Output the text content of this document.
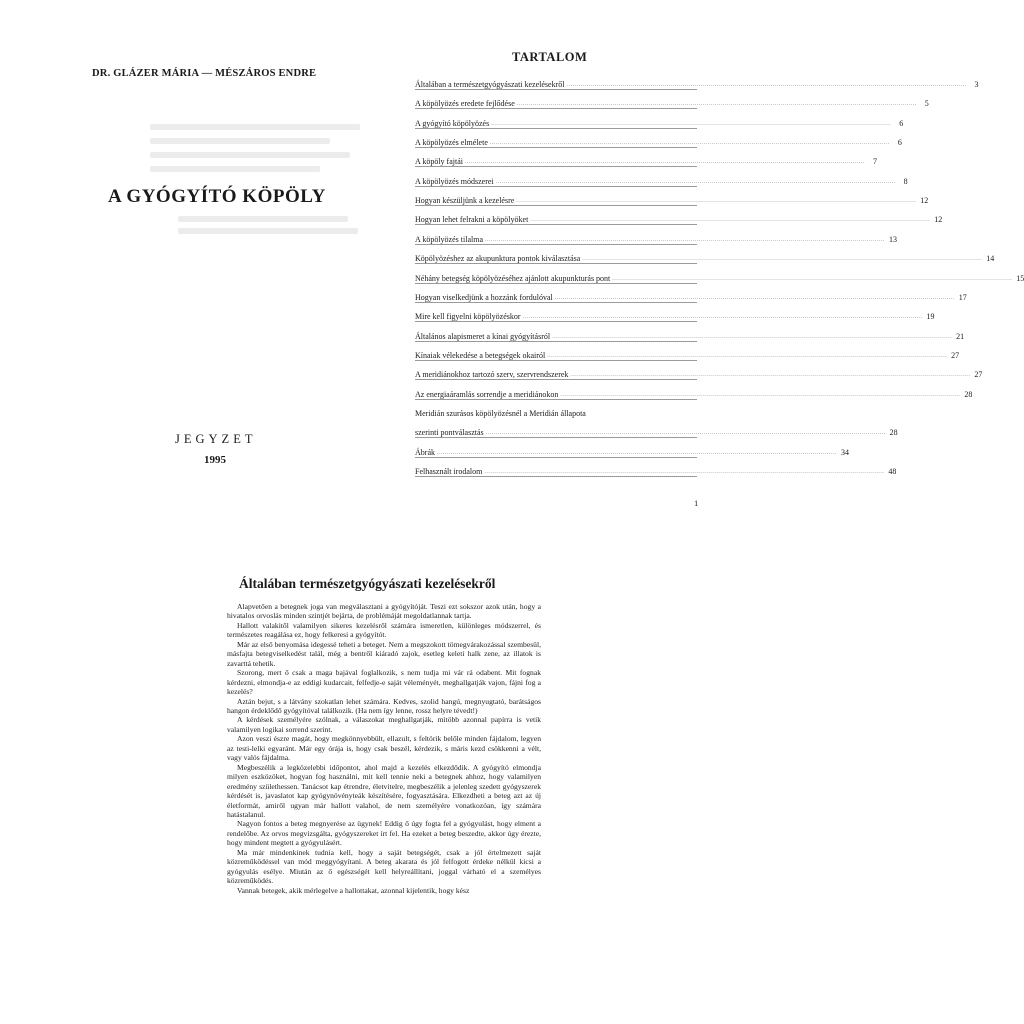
DR. GLÁZER MÁRIA — MÉSZÁROS ENDRE
A GYÓGYÍTÓ KÖPÖLY
JEGYZET
1995
TARTALOM
Általában a természetgyógyászati kezelésekről ........................................................................................................................................................................................................	3
A köpölyözés eredete fejlődése ........................................................................................................................................................................................................	5
A gyógyító köpölyözés ........................................................................................................................................................................................................	6
A köpölyözés elmélete ........................................................................................................................................................................................................	6
A köpöly fajtái ........................................................................................................................................................................................................	7
A köpölyözés módszerei ........................................................................................................................................................................................................	8
Hogyan készüljünk a kezelésre ........................................................................................................................................................................................................ 12
Hogyan lehet felrakni a köpölyöket ........................................................................................................................................................................................................ 12
A köpölyözés tilalma ........................................................................................................................................................................................................ 13
Köpölyözéshez az akupunktura pontok kiválasztása ........................................................................................................................................................................................................ 14
Néhány betegség köpölyözéséhez ajánlott akupunkturás pont ........................................................................................................................................................................................................ 15
Hogyan viselkedjünk a hozzánk fordulóval ........................................................................................................................................................................................................ 17
Mire kell figyelni köpölyözéskor ........................................................................................................................................................................................................ 19
Általános alapismeret a kínai gyógyításról ........................................................................................................................................................................................................ 21
Kínaiak vélekedése a betegségek okairól ........................................................................................................................................................................................................ 27
A meridiánokhoz tartozó szerv, szervrendszerek ........................................................................................................................................................................................................ 27
Az energiaáramlás sorrendje a meridiánokon ........................................................................................................................................................................................................ 28
Meridián szurásos köpölyözésnél a Meridián állapota
szerinti pontválasztás ........................................................................................................................................................................................................ 28
Ábrák ........................................................................................................................................................................................................ 34
Felhasznált irodalom ........................................................................................................................................................................................................ 48
1
Általában természetgyógyászati kezelésekről

Alapvetően a betegnek joga van megválasztani a gyógyítóját. Teszi ezt sokszor azok után, hogy a hivatalos orvoslás minden szintjét bejárta, de problémáját megoldatlannak tartja.

Hallott valakitől valamilyen sikeres kezelésről számára ismeretlen, különleges módszerrel, és természetes reagálása ez, hogy felkeresi a gyógyítót.

Már az első benyomása idegessé teheti a beteget. Nem a megszokott tömegvárakozással szembesül, másfajta betegviselkedést talál, még a bentről kiáradó zajok, esetleg keleti halk zene, az illatok is zavarttá tehetik.

Szorong, mert ő csak a maga bajával foglalkozik, s nem tudja mi vár rá odabent. Mit fognak kérdezni, elmondja-e az eddigi kudarcait, felfedje-e saját véleményét, meghallgatják vajon, fájni fog a kezelés?

Aztán bejut, s a látvány szokatlan lehet számára. Kedves, szolid hangú, megnyugtató, barátságos hangon érdeklődő gyógyítóval találkozik. (Ha nem így lenne, rossz helyre tévedt!)

A kérdések személyére szólnak, a válaszokat meghallgatják, mitöbb azonnal papírra is vetik valamilyen logikai sorrend szerint.

Azon veszi észre magát, hogy megkönnyebbült, ellazult, s feltörik belőle minden fájdalom, legyen az testi-lelki egyaránt. Már egy órája is, hogy csak beszél, kérdezik, s máris kezd csökkenni a vélt, vagy valós fájdalma.

Megbeszélik a legközelebbi időpontot, ahol majd a kezelés elkezdődik. A gyógyító elmondja milyen eszközöket, hogyan fog használni, mit kell tennie neki a betegnek ahhoz, hogy valamilyen eredmény születhessen. Tanácsot kap étrendre, életvitelre, megbeszélik a jelenleg szedett gyógyszerek kérdését is, javaslatot kap gyógynövényteák készítésére, fogyasztására. Elkezdheti a beteg azt az új életformát, amiről ugyan már hallott valahol, de nem személyére vonatkozóan, így számára hatástalanul.

Nagyon fontos a beteg megnyerése az ügynek! Eddig ő úgy fogta fel a gyógyulást, hogy elment a rendelőbe. Az orvos megvizsgálta, gyógyszereket írt fel. Ha ezeket a beteg beszedte, akkor úgy érezte, hogy mindent megtett a gyógyulásért.

Ma már mindenkinek tudnia kell, hogy a saját betegségét, csak a jól értelmezett saját közreműködéssel van mód meggyógyítani. A beteg akarata és jól felfogott érdeke nélkül kicsi a gyógyulás esélye. Miután az ő egészségét kell helyreállítani, joggal várható el a személyes közreműködés.

Vannak betegek, akik mérlegelve a hallottakat, azonnal kijelentik, hogy kész
